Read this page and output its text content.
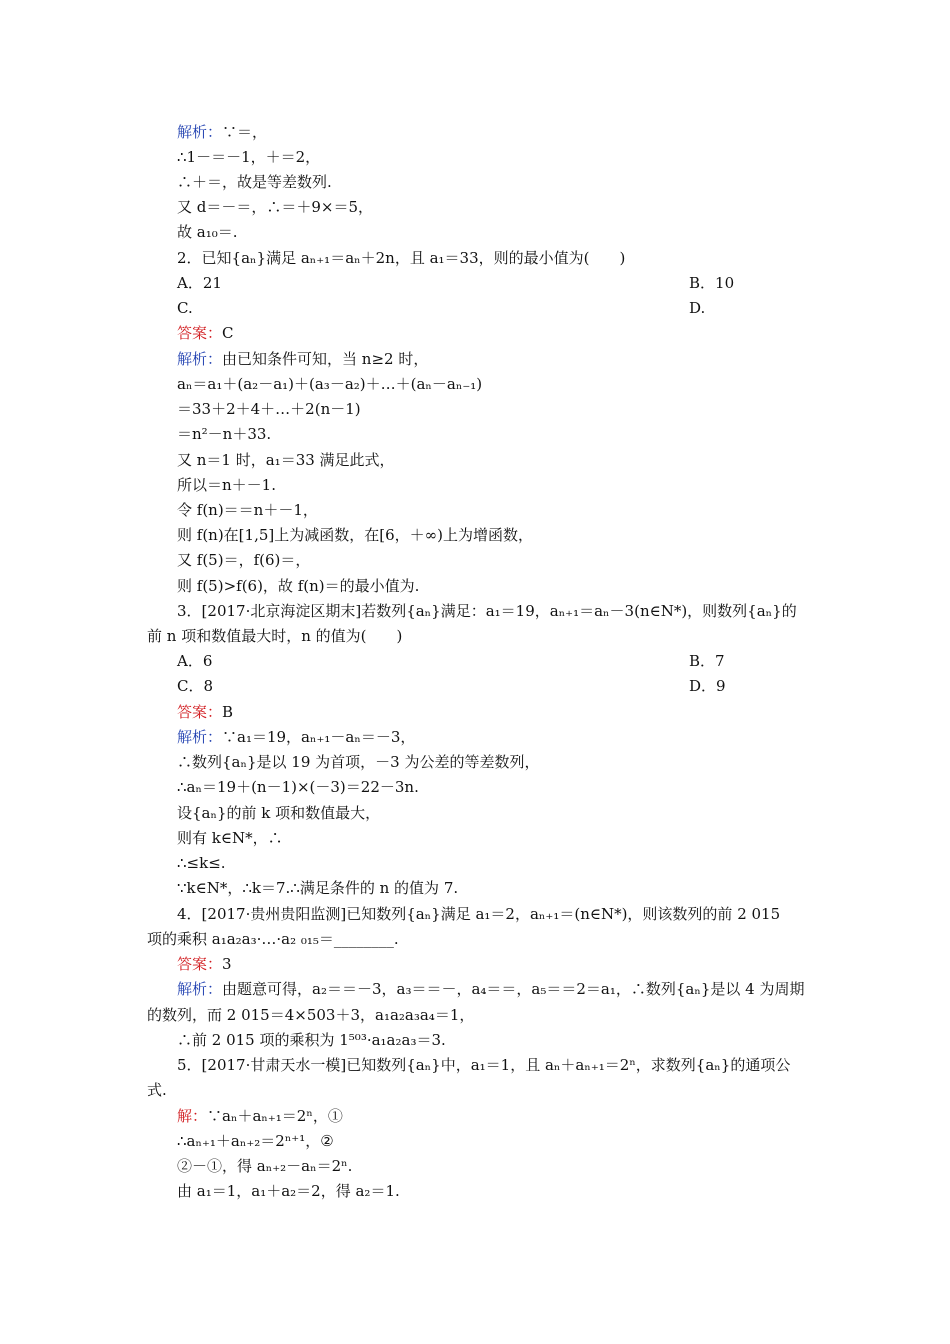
解析：∵＝，
∴1－＝－1，＋＝2，
∴＋＝，故是等差数列.
又 d＝－＝，∴＝＋9×＝5，
故 a₁₀＝.
2．已知{aₙ}满足 aₙ₊₁＝aₙ＋2n，且 a₁＝33，则的最小值为(　　)
A．21	B．10
C.	D.
答案：C
解析：由已知条件可知，当 n≥2 时，
aₙ＝a₁＋(a₂－a₁)＋(a₃－a₂)＋…＋(aₙ－aₙ₋₁)
＝33＋2＋4＋…＋2(n－1)
＝n²－n＋33.
又 n＝1 时，a₁＝33 满足此式，
所以＝n＋－1.
令 f(n)＝＝n＋－1，
则 f(n)在[1,5]上为减函数，在[6，＋∞)上为增函数，
又 f(5)＝，f(6)＝，
则 f(5)>f(6)，故 f(n)＝的最小值为.
3．[2017·北京海淀区期末]若数列{aₙ}满足：a₁＝19，aₙ₊₁＝aₙ－3(n∈N*)，则数列{aₙ}的
前 n 项和数值最大时，n 的值为(　　)
A．6	B．7
C．8	D．9
答案：B
解析：∵a₁＝19，aₙ₊₁－aₙ＝－3，
∴数列{aₙ}是以 19 为首项，－3 为公差的等差数列，
∴aₙ＝19＋(n－1)×(－3)＝22－3n.
设{aₙ}的前 k 项和数值最大，
则有 k∈N*，∴
∴≤k≤.
∵k∈N*，∴k＝7.∴满足条件的 n 的值为 7.
4．[2017·贵州贵阳监测]已知数列{aₙ}满足 a₁＝2，aₙ₊₁＝(n∈N*)，则该数列的前 2 015
项的乘积 a₁a₂a₃·…·a₂ ₀₁₅＝________.
答案：3
解析：由题意可得，a₂＝＝－3，a₃＝＝－，a₄＝＝，a₅＝＝2＝a₁，∴数列{aₙ}是以 4 为周期
的数列，而 2 015＝4×503＋3，a₁a₂a₃a₄＝1，
∴前 2 015 项的乘积为 1⁵⁰³·a₁a₂a₃＝3.
5．[2017·甘肃天水一模]已知数列{aₙ}中，a₁＝1，且 aₙ＋aₙ₊₁＝2ⁿ，求数列{aₙ}的通项公
式.
解：∵aₙ＋aₙ₊₁＝2ⁿ，①
∴aₙ₊₁＋aₙ₊₂＝2ⁿ⁺¹，②
②－①，得 aₙ₊₂－aₙ＝2ⁿ.
由 a₁＝1，a₁＋a₂＝2，得 a₂＝1.
